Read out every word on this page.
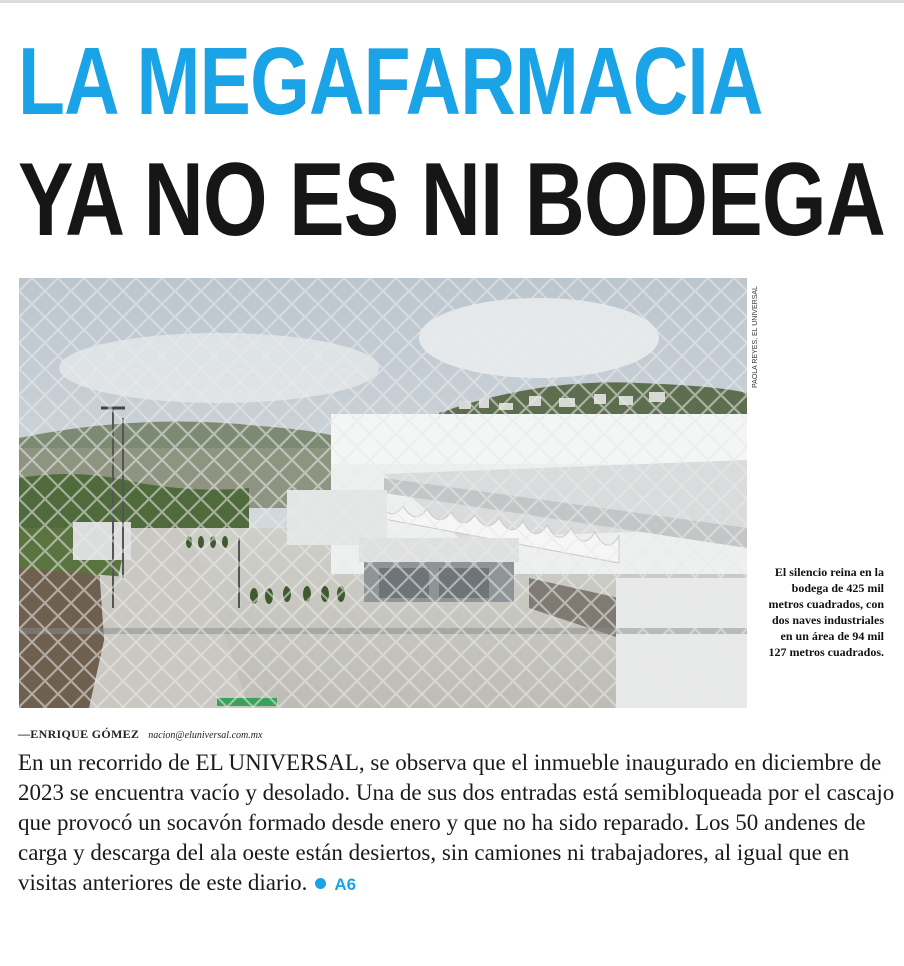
LA MEGAFARMACIA
YA NO ES NI BODEGA
PAOLA REYES, EL UNIVERSAL
El silencio reina en la bodega de 425 mil metros cuadrados, con dos naves industriales en un área de 94 mil 127 metros cuadrados.
—ENRIQUE GÓMEZ nacion@eluniversal.com.mx
En un recorrido de EL UNIVERSAL, se observa que el inmueble inaugurado en diciembre de 2023 se encuentra vacío y desolado. Una de sus dos entradas está semibloqueada por el cascajo que provocó un socavón formado desde enero y que no ha sido reparado. Los 50 andenes de carga y descarga del ala oeste están desiertos, sin camiones ni trabajadores, al igual que en visitas anteriores de este diario. A6
